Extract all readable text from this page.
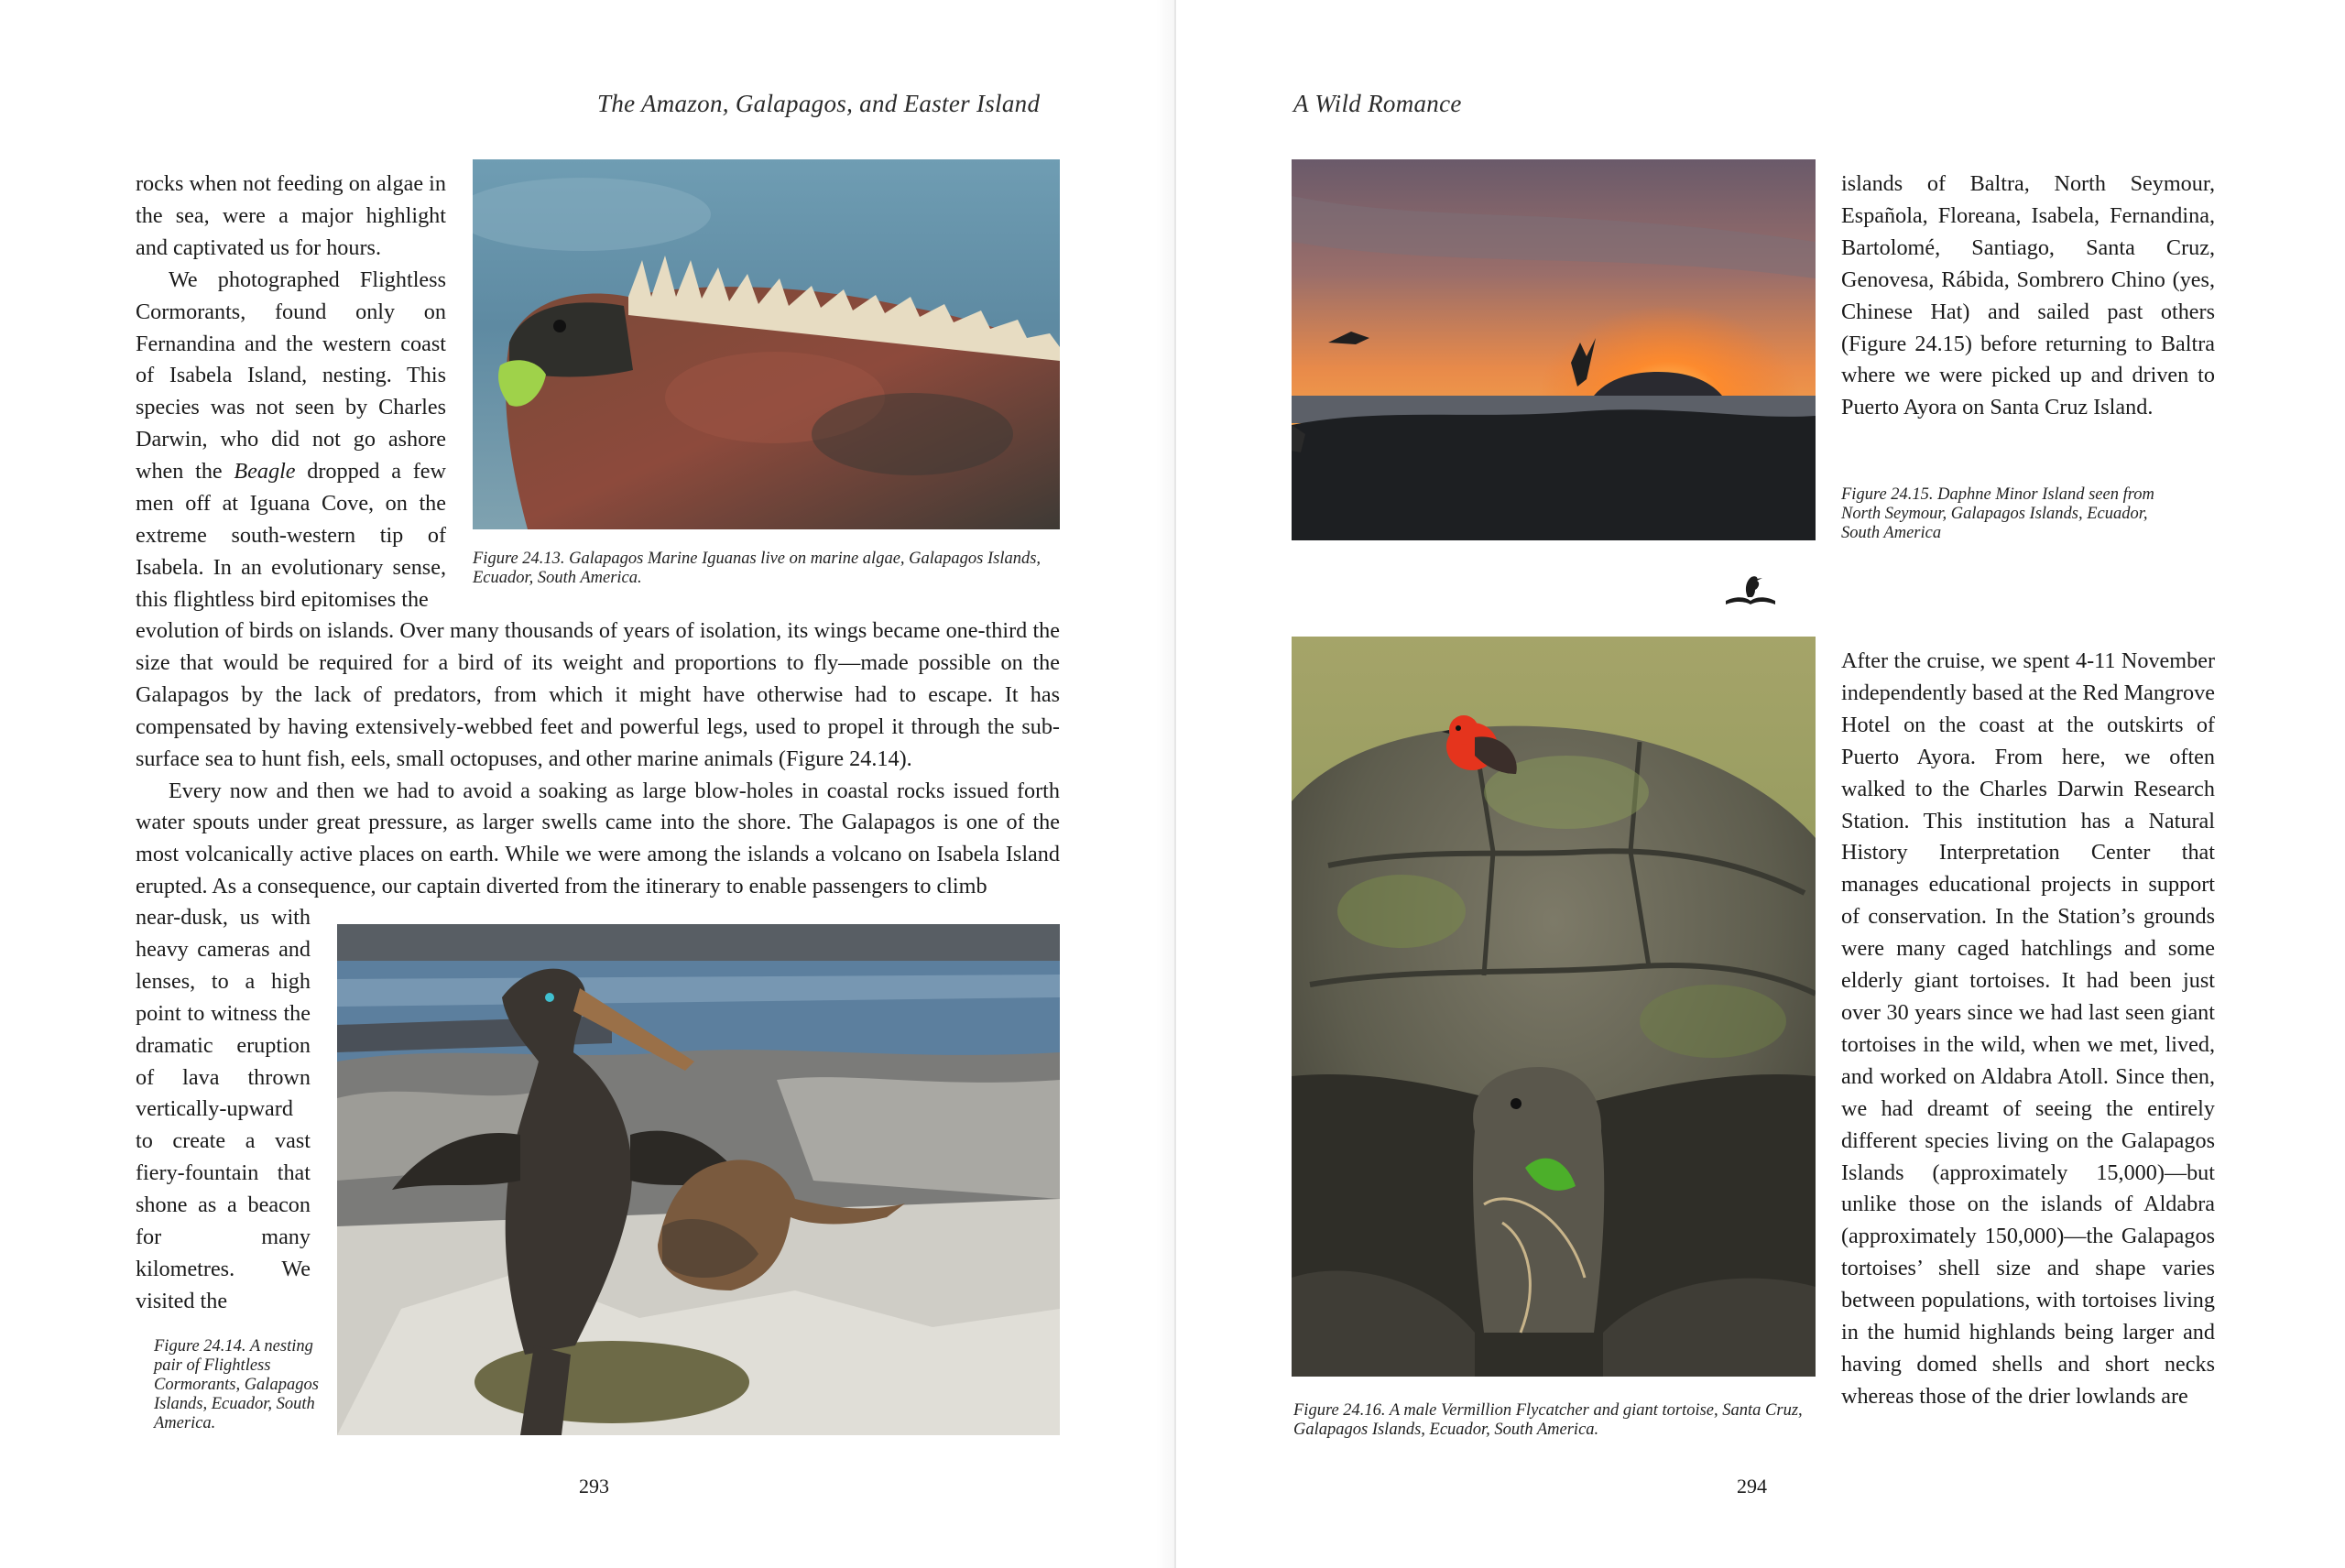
The Amazon, Galapagos, and Easter Island
Figure 24.13. Galapagos Marine Iguanas live on marine algae, Galapagos Islands, Ecuador, South America.

rocks when not feeding on algae in the sea, were a major highlight and captivated us for hours.

We photographed Flightless Cormorants, found only on Fernandina and the western coast of Isabela Island, nesting. This species was not seen by Charles Darwin, who did not go ashore when the Beagle dropped a few men off at Iguana Cove, on the extreme south-western tip of Isabela. In an evolutionary sense, this flightless bird epitomises the

evolution of birds on islands. Over many thousands of years of isolation, its wings became one-third the size that would be required for a bird of its weight and proportions to fly—made possible on the Galapagos by the lack of predators, from which it might have otherwise had to escape. It has compensated by having extensively-webbed feet and powerful legs, used to propel it through the sub-surface sea to hunt fish, eels, small octopuses, and other marine animals (Figure 24.14).

Every now and then we had to avoid a soaking as large blow-holes in coastal rocks issued forth water spouts under great pressure, as larger swells came into the shore. The Galapagos is one of the most volcanically active places on earth. While we were among the islands a volcano on Isabela Island erupted. As a consequence, our captain diverted from the itinerary to enable passengers to climb

near-dusk, us with heavy cameras and lenses, to a high point to witness the dramatic eruption of lava thrown vertically-upward to create a vast fiery-fountain that shone as a beacon for many kilometres. We visited the

Figure 24.14. A nesting pair of Flightless Cormorants, Galapagos Islands, Ecuador, South America.
293
A Wild Romance
Figure 24.15. Daphne Minor Island seen from North Seymour, Galapagos Islands, Ecuador, South America

islands of Baltra, North Seymour, Española, Floreana, Isabela, Fernandina, Bartolomé, Santiago, Santa Cruz, Genovesa, Rábida, Sombrero Chino (yes, Chinese Hat) and sailed past others (Figure 24.15) before returning to Baltra where we were picked up and driven to Puerto Ayora on Santa Cruz Island.

Figure 24.16. A male Vermillion Flycatcher and giant tortoise, Santa Cruz, Galapagos Islands, Ecuador, South America.

After the cruise, we spent 4-11 November independently based at the Red Mangrove Hotel on the coast at the outskirts of Puerto Ayora. From here, we often walked to the Charles Darwin Research Station. This institution has a Natural History Interpretation Center that manages educational projects in support of conservation. In the Station’s grounds were many caged hatchlings and some elderly giant tortoises. It had been just over 30 years since we had last seen giant tortoises in the wild, when we met, lived, and worked on Aldabra Atoll. Since then, we had dreamt of seeing the entirely different species living on the Galapagos Islands (approximately 15,000)—but unlike those on the islands of Aldabra (approximately 150,000)—the Galapagos tortoises’ shell size and shape varies between populations, with tortoises living in the humid highlands being larger and having domed shells and short necks whereas those of the drier lowlands are

294
